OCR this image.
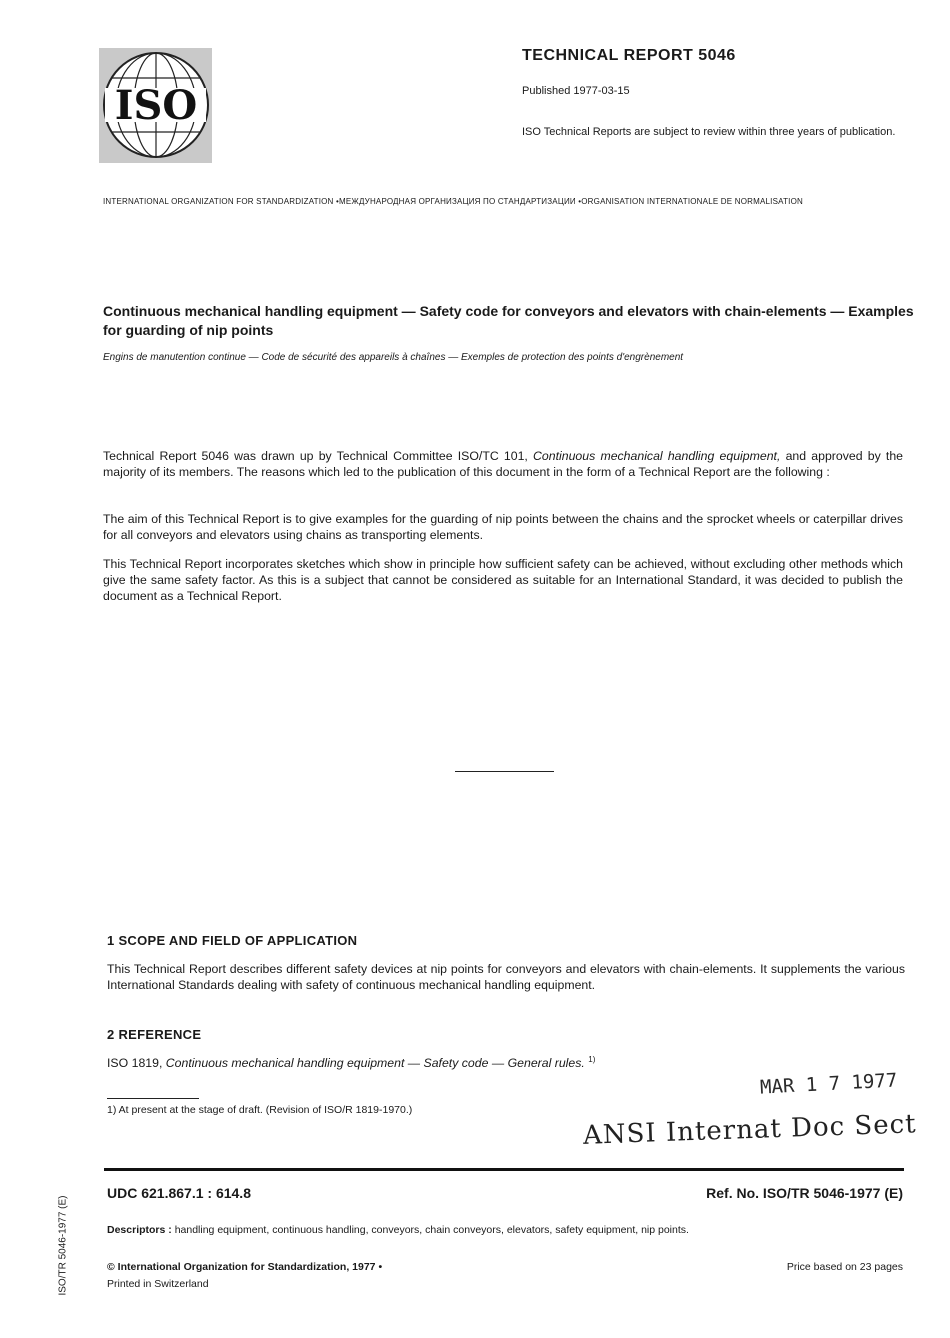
ISO
TECHNICAL REPORT 5046
Published 1977-03-15
ISO Technical Reports are subject to review within three years of publication.
INTERNATIONAL ORGANIZATION FOR STANDARDIZATION •МЕЖДУНАРОДНАЯ ОРГАНИЗАЦИЯ ПО СТАНДАРТИЗАЦИИ •ORGANISATION INTERNATIONALE DE NORMALISATION
Continuous mechanical handling equipment — Safety code for conveyors and elevators with chain-elements — Examples for guarding of nip points
Engins de manutention continue — Code de sécurité des appareils à chaînes — Exemples de protection des points d'engrènement
Technical Report 5046 was drawn up by Technical Committee ISO/TC 101, Continuous mechanical handling equipment, and approved by the majority of its members. The reasons which led to the publication of this document in the form of a Technical Report are the following :
The aim of this Technical Report is to give examples for the guarding of nip points between the chains and the sprocket wheels or caterpillar drives for all conveyors and elevators using chains as transporting elements.
This Technical Report incorporates sketches which show in principle how sufficient safety can be achieved, without excluding other methods which give the same safety factor. As this is a subject that cannot be considered as suitable for an International Standard, it was decided to publish the document as a Technical Report.
1 SCOPE AND FIELD OF APPLICATION
This Technical Report describes different safety devices at nip points for conveyors and elevators with chain-elements. It supplements the various International Standards dealing with safety of continuous mechanical handling equipment.
2 REFERENCE
ISO 1819, Continuous mechanical handling equipment — Safety code — General rules. $^{1)}$
1) At present at the stage of draft. (Revision of ISO/R 1819-1970.)
MAR 1 7 1977
ANSI Internat Doc Sect
UDC 621.867.1 : 614.8	Ref. No. ISO/TR 5046-1977 (E)
Descriptors : handling equipment, continuous handling, conveyors, chain conveyors, elevators, safety equipment, nip points.
© International Organization for Standardization, 1977 •
Printed in Switzerland
Price based on 23 pages
ISO/TR 5046-1977 (E)
